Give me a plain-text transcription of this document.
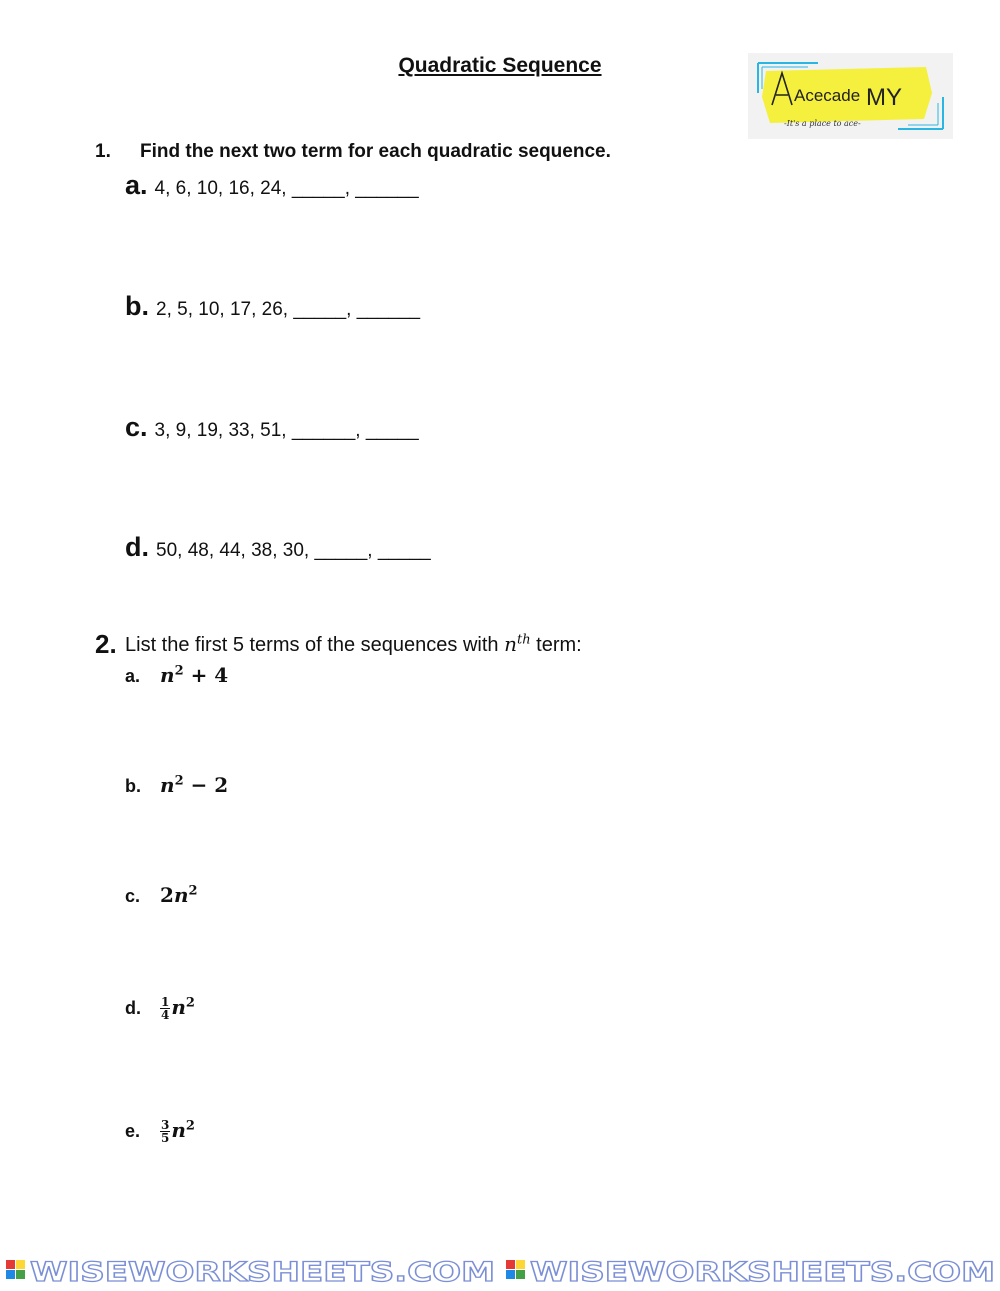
Quadratic Sequence
Acecade MY
-It's a place to ace-
1. Find the next two term for each quadratic sequence.
a. 4, 6, 10, 16, 24, _____, ______
b. 2, 5, 10, 17, 26, _____, ______
c. 3, 9, 19, 33, 51, ______, _____
d. 50, 48, 44, 38, 30, _____, _____
2. List the first 5 terms of the sequences with $n^{th}$ term:
a. $n^2 + 4$
b. $n^2 - 2$
c. $2n^2$
d. $\frac{1}{4} n^2$
e. $\frac{3}{5} n^2$
WISEWORKSHEETS.COM WISEWORKSHEETS.COM
